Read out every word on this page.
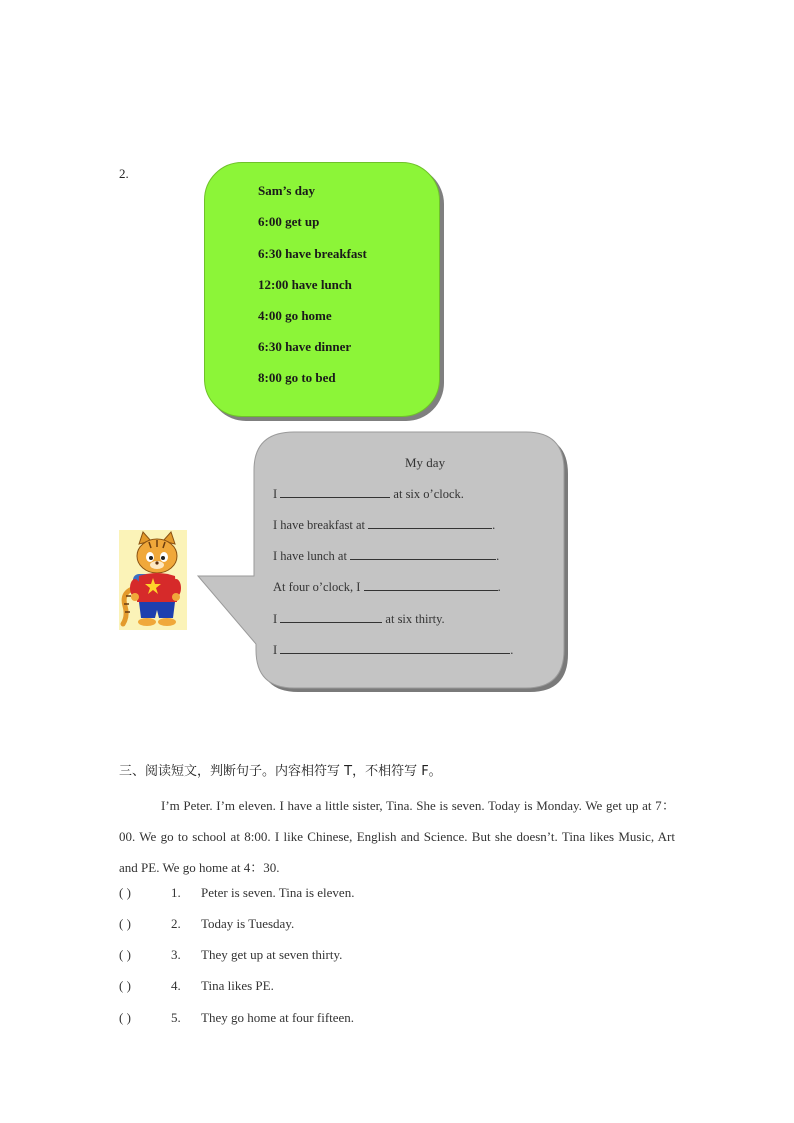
2.
Sam’s day
6:00 get up
6:30 have breakfast
12:00 have lunch
4:00 go home
6:30 have dinner
8:00 go to bed
My day
I	at six o’clock.
I have breakfast at	.
I have lunch at	.
At four o’clock, I	.
I	at six thirty.
I	.
三、阅读短文，判断句子。内容相符写 T，不相符写 F。
I’m Peter. I’m eleven. I have a little sister, Tina. She is seven. Today is Monday. We get up at 7：00. We go to school at 8:00. I like Chinese, English and Science. But she doesn’t. Tina likes Music, Art and PE. We go home at 4：30.
( )	1. Peter is seven. Tina is eleven.
( )	2. Today is Tuesday.
( )	3. They get up at seven thirty.
( )	4. Tina likes PE.
( )	5. They go home at four fifteen.
